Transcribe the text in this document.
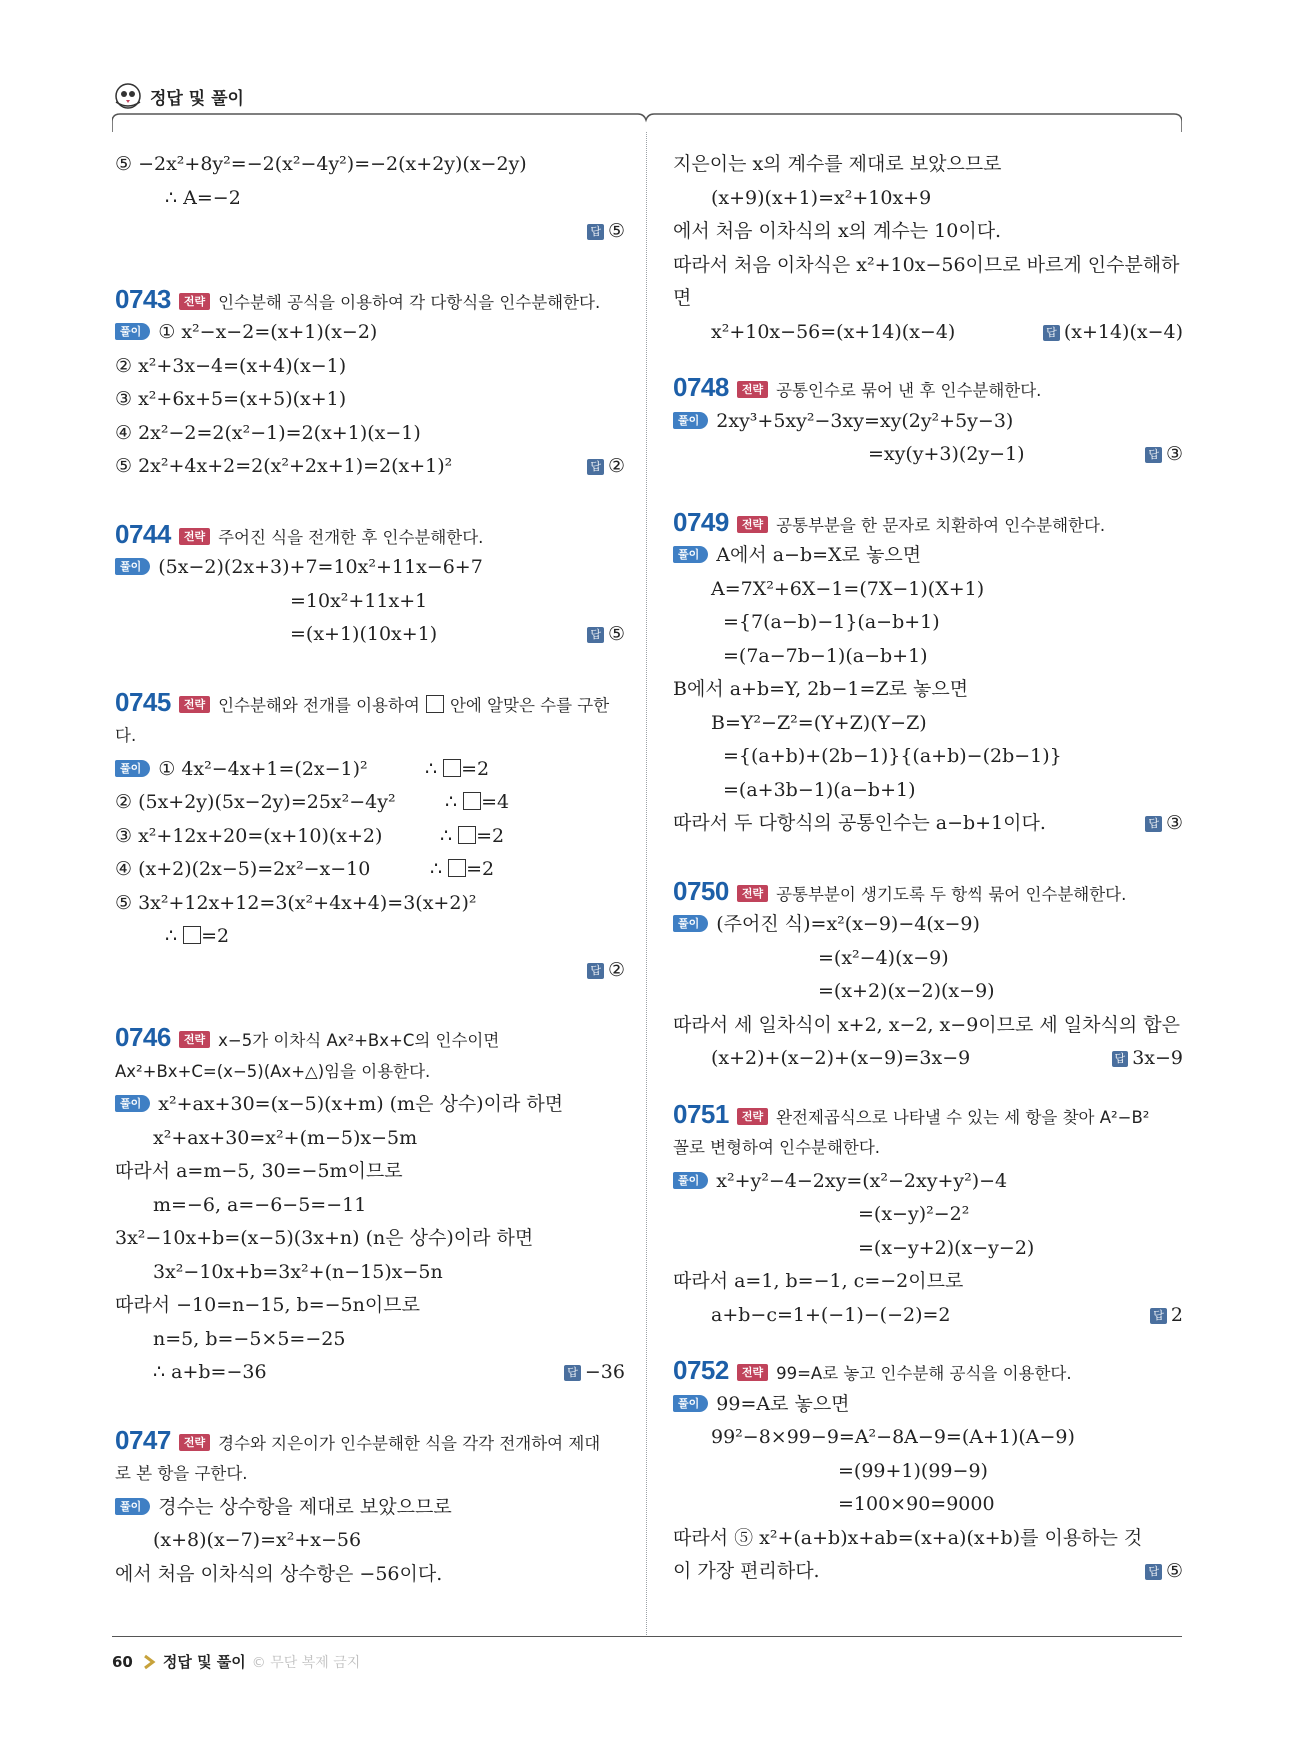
정답 및 풀이
⑤ −2x²+8y²=−2(x²−4y²)=−2(x+2y)(x−2y)
∴ A=−2
답 ⑤
0743 전략 인수분해 공식을 이용하여 각 다항식을 인수분해한다.
풀이 ① x²−x−2=(x+1)(x−2)
② x²+3x−4=(x+4)(x−1)
③ x²+6x+5=(x+5)(x+1)
④ 2x²−2=2(x²−1)=2(x+1)(x−1)
⑤ 2x²+4x+2=2(x²+2x+1)=2(x+1)²	답 ②
0744 전략 주어진 식을 전개한 후 인수분해한다.
풀이 (5x−2)(2x+3)+7=10x²+11x−6+7
=10x²+11x+1
=(x+1)(10x+1)	답 ⑤
0745 전략 인수분해와 전개를 이용하여 안에 알맞은 수를 구한
다.
풀이 ① 4x²−4x+1=(2x−1)²	∴ =2
② (5x+2y)(5x−2y)=25x²−4y²	∴ =4
③ x²+12x+20=(x+10)(x+2)	∴ =2
④ (x+2)(2x−5)=2x²−x−10	∴ =2
⑤ 3x²+12x+12=3(x²+4x+4)=3(x+2)²
∴ =2
답 ②
0746 전략 x−5가 이차식 Ax²+Bx+C의 인수이면
Ax²+Bx+C=(x−5)(Ax+△)임을 이용한다.
풀이 x²+ax+30=(x−5)(x+m) (m은 상수)이라 하면
x²+ax+30=x²+(m−5)x−5m
따라서 a=m−5, 30=−5m이므로
m=−6, a=−6−5=−11
3x²−10x+b=(x−5)(3x+n) (n은 상수)이라 하면
3x²−10x+b=3x²+(n−15)x−5n
따라서 −10=n−15, b=−5n이므로
n=5, b=−5×5=−25
∴ a+b=−36	답 −36
0747 전략 경수와 지은이가 인수분해한 식을 각각 전개하여 제대
로 본 항을 구한다.
풀이 경수는 상수항을 제대로 보았으므로
(x+8)(x−7)=x²+x−56
에서 처음 이차식의 상수항은 −56이다.
지은이는 x의 계수를 제대로 보았으므로
(x+9)(x+1)=x²+10x+9
에서 처음 이차식의 x의 계수는 10이다.
따라서 처음 이차식은 x²+10x−56이므로 바르게 인수분해하
면
x²+10x−56=(x+14)(x−4)	답 (x+14)(x−4)
0748 전략 공통인수로 묶어 낸 후 인수분해한다.
풀이 2xy³+5xy²−3xy=xy(2y²+5y−3)
=xy(y+3)(2y−1)	답 ③
0749 전략 공통부분을 한 문자로 치환하여 인수분해한다.
풀이 A에서 a−b=X로 놓으면
A=7X²+6X−1=(7X−1)(X+1)
={7(a−b)−1}(a−b+1)
=(7a−7b−1)(a−b+1)
B에서 a+b=Y, 2b−1=Z로 놓으면
B=Y²−Z²=(Y+Z)(Y−Z)
={(a+b)+(2b−1)}{(a+b)−(2b−1)}
=(a+3b−1)(a−b+1)
따라서 두 다항식의 공통인수는 a−b+1이다.	답 ③
0750 전략 공통부분이 생기도록 두 항씩 묶어 인수분해한다.
풀이 (주어진 식)=x²(x−9)−4(x−9)
=(x²−4)(x−9)
=(x+2)(x−2)(x−9)
따라서 세 일차식이 x+2, x−2, x−9이므로 세 일차식의 합은
(x+2)+(x−2)+(x−9)=3x−9	답 3x−9
0751 전략 완전제곱식으로 나타낼 수 있는 세 항을 찾아 A²−B²
꼴로 변형하여 인수분해한다.
풀이 x²+y²−4−2xy=(x²−2xy+y²)−4
=(x−y)²−2²
=(x−y+2)(x−y−2)
따라서 a=1, b=−1, c=−2이므로
a+b−c=1+(−1)−(−2)=2	답 2
0752 전략 99=A로 놓고 인수분해 공식을 이용한다.
풀이 99=A로 놓으면
99²−8×99−9=A²−8A−9=(A+1)(A−9)
=(99+1)(99−9)
=100×90=9000
따라서 ⑤ x²+(a+b)x+ab=(x+a)(x+b)를 이용하는 것
이 가장 편리하다.	답 ⑤
60 정답 및 풀이 © 무단 복제 금지
